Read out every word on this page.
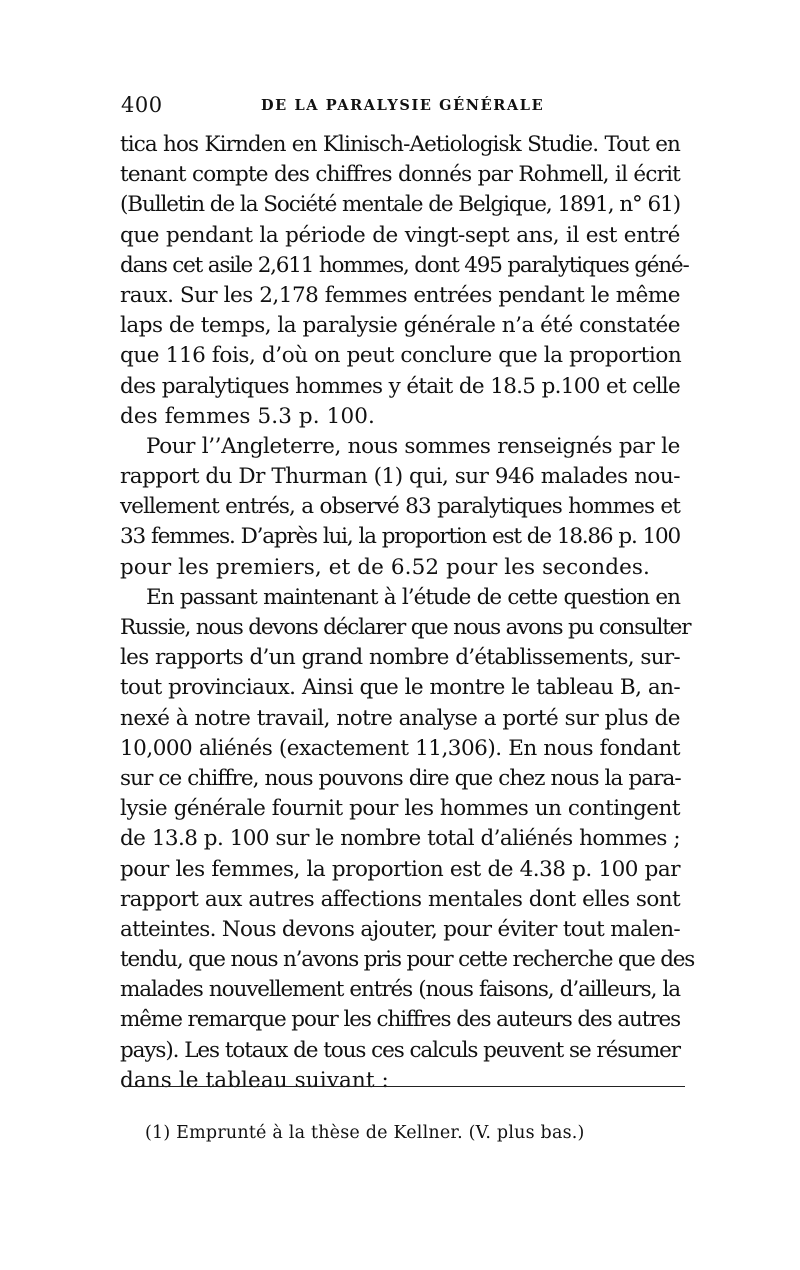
400	DE LA PARALYSIE GÉNÉRALE
tica hos Kirnden en Klinisch-Aetiologisk Studie. Tout en
tenant compte des chiffres donnés par Rohmell, il écrit
(Bulletin de la Société mentale de Belgique, 1891, n° 61)
que pendant la période de vingt-sept ans, il est entré
dans cet asile 2,611 hommes, dont 495 paralytiques géné-
raux. Sur les 2,178 femmes entrées pendant le même
laps de temps, la paralysie générale n’a été constatée
que 116 fois, d’où on peut conclure que la proportion
des paralytiques hommes y était de 18.5 p.100 et celle
des femmes 5.3 p. 100.
Pour l’’Angleterre, nous sommes renseignés par le
rapport du Dr Thurman (1) qui, sur 946 malades nou-
vellement entrés, a observé 83 paralytiques hommes et
33 femmes. D’après lui, la proportion est de 18.86 p. 100
pour les premiers, et de 6.52 pour les secondes.
En passant maintenant à l’étude de cette question en
Russie, nous devons déclarer que nous avons pu consulter
les rapports d’un grand nombre d’établissements, sur-
tout provinciaux. Ainsi que le montre le tableau B, an-
nexé à notre travail, notre analyse a porté sur plus de
10,000 aliénés (exactement 11,306). En nous fondant
sur ce chiffre, nous pouvons dire que chez nous la para-
lysie générale fournit pour les hommes un contingent
de 13.8 p. 100 sur le nombre total d’aliénés hommes ;
pour les femmes, la proportion est de 4.38 p. 100 par
rapport aux autres affections mentales dont elles sont
atteintes. Nous devons ajouter, pour éviter tout malen-
tendu, que nous n’avons pris pour cette recherche que des
malades nouvellement entrés (nous faisons, d’ailleurs, la
même remarque pour les chiffres des auteurs des autres
pays). Les totaux de tous ces calculs peuvent se résumer
dans le tableau suivant :
(1) Emprunté à la thèse de Kellner. (V. plus bas.)
